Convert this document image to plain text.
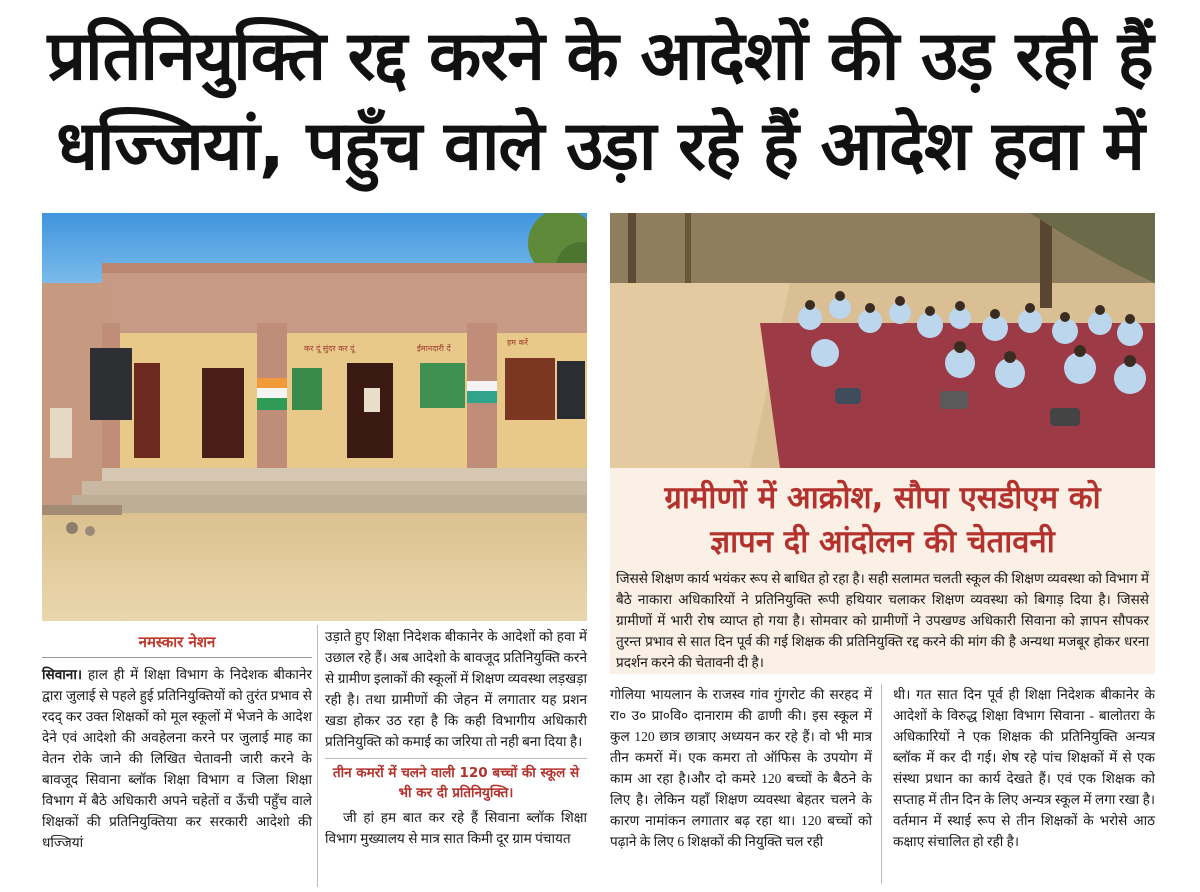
प्रतिनियुक्ति रद्द करने के आदेशों की उड़ रही हैं
धज्जियां, पहुँच वाले उड़ा रहे हैं आदेश हवा में
कर दूं सुंदर कर दूं	ईमानदारी दें
हम करें
ग्रामीणों में आक्रोश, सौपा एसडीएम को
ज्ञापन दी आंदोलन की चेतावनी
जिससे शिक्षण कार्य भयंकर रूप से बाधित हो रहा है। सही सलामत चलती स्कूल की शिक्षण व्यवस्था को विभाग में बैठे नाकारा अधिकारियों ने प्रतिनियुक्ति रूपी हथियार चलाकर शिक्षण व्यवस्था को बिगाड़ दिया है। जिससे ग्रामीणों में भारी रोष व्याप्त हो गया है। सोमवार को ग्रामीणों ने उपखण्ड अधिकारी सिवाना को ज्ञापन सौपकर तुरन्त प्रभाव से सात दिन पूर्व की गई शिक्षक की प्रतिनियुक्ति रद्द करने की मांग की है अन्यथा मजबूर होकर धरना प्रदर्शन करने की चेतावनी दी है।
नमस्कार नेशन
सिवाना। हाल ही में शिक्षा विभाग के निदेशक बीकानेर द्वारा जुलाई से पहले हुई प्रतिनियुक्तियों को तुरंत प्रभाव से रदद् कर उक्त शिक्षकों को मूल स्कूलों में भेजने के आदेश देने एवं आदेशो की अवहेलना करने पर जुलाई माह का वेतन रोके जाने की लिखित चेतावनी जारी करने के बावजूद सिवाना ब्लॉक शिक्षा विभाग व जिला शिक्षा विभाग में बैठे अधिकारी अपने चहेतों व ऊँची पहुँच वाले शिक्षकों की प्रतिनियुक्तिया कर सरकारी आदेशो की धज्जियां
उड़ाते हुए शिक्षा निदेशक बीकानेर के आदेशों को हवा में उछाल रहे हैं। अब आदेशो के बावजूद प्रतिनियुक्ति करने से ग्रामीण इलाकों की स्कूलों में शिक्षण व्यवस्था लड़खड़ा रही है। तथा ग्रामीणों की जेहन में लगातार यह प्रशन खडा होकर उठ रहा है कि कही विभागीय अधिकारी प्रतिनियुक्ति को कमाई का जरिया तो नही बना दिया है।
तीन कमरों में चलने वाली 120 बच्चों की स्कूल से भी कर दी प्रतिनियुक्ति।
जी हां हम बात कर रहे हैं सिवाना ब्लॉक शिक्षा विभाग मुख्यालय से मात्र सात किमी दूर ग्राम पंचायत
गोलिया भायलान के राजस्व गांव गुंगरोट की सरहद में रा० उ० प्रा०वि० दानाराम की ढाणी की। इस स्कूल में कुल 120 छात्र छात्राए अध्ययन कर रहे हैं। वो भी मात्र तीन कमरों में। एक कमरा तो ऑफिस के उपयोग में काम आ रहा है।और दो कमरे 120 बच्चों के बैठने के लिए है। लेकिन यहाँ शिक्षण व्यवस्था बेहतर चलने के कारण नामांकन लगातार बढ़ रहा था। 120 बच्चों को पढ़ाने के लिए 6 शिक्षकों की नियुक्ति चल रही
थी। गत सात दिन पूर्व ही शिक्षा निदेशक बीकानेर के आदेशों के विरुद्ध शिक्षा विभाग सिवाना - बालोतरा के अधिकारियों ने एक शिक्षक की प्रतिनियुक्ति अन्यत्र ब्लॉक में कर दी गई। शेष रहे पांच शिक्षकों में से एक संस्था प्रधान का कार्य देखते हैं। एवं एक शिक्षक को सप्ताह में तीन दिन के लिए अन्यत्र स्कूल में लगा रखा है। वर्तमान में स्थाई रूप से तीन शिक्षकों के भरोसे आठ कक्षाए संचालित हो रही है।
